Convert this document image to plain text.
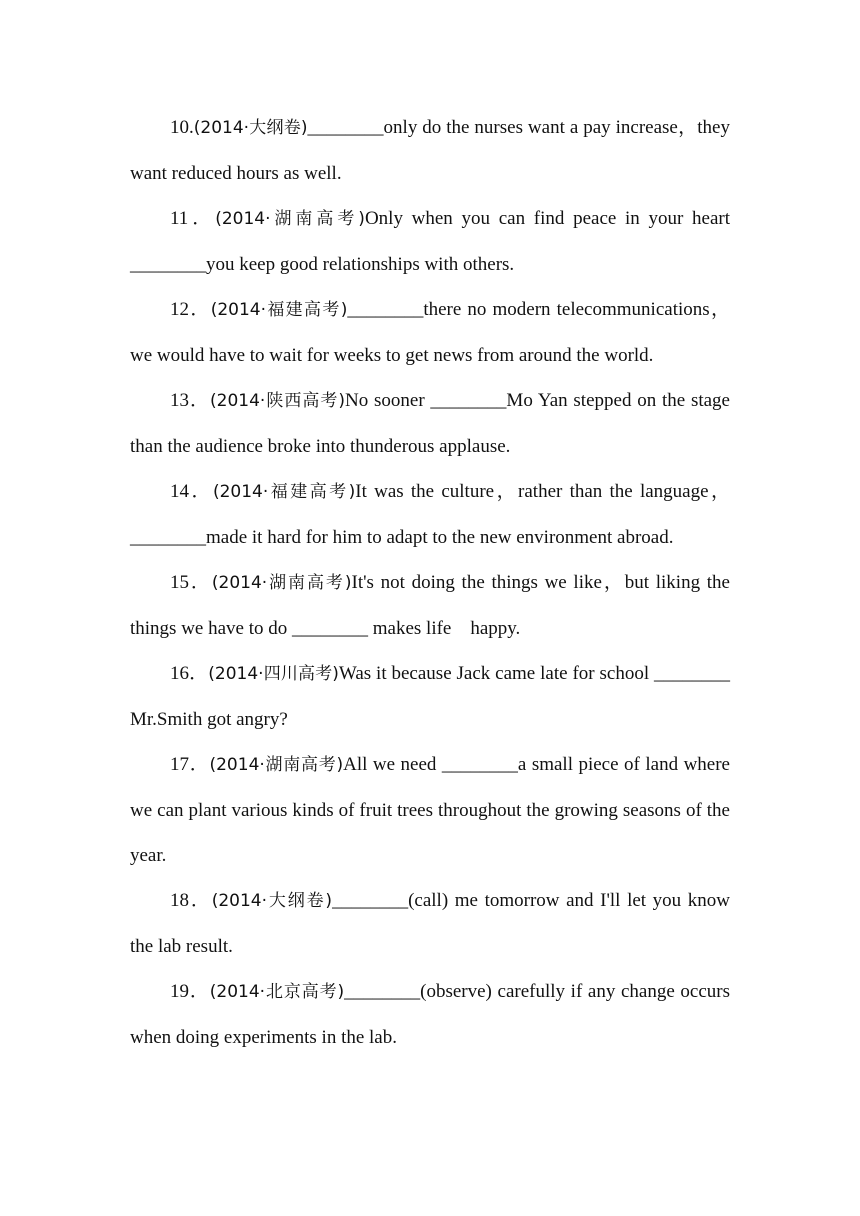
10.(2014·大纲卷)________only do the nurses want a pay increase，they want reduced hours as well.

11．(2014·湖南高考)Only when you can find peace in your heart ________you keep good relationships with others.

12．(2014·福建高考)________there no modern telecommunications，we would have to wait for weeks to get news from around the world.

13．(2014·陕西高考)No sooner ________Mo Yan stepped on the stage than the audience broke into thunderous applause.

14．(2014·福建高考)It was the culture，rather than the language，________made it hard for him to adapt to the new environment abroad.

15．(2014·湖南高考)It's not doing the things we like，but liking the things we have to do ________ makes life　happy.

16．(2014·四川高考)Was it because Jack came late for school ________ Mr.Smith got angry?

17．(2014·湖南高考)All we need ________a small piece of land where we can plant various kinds of fruit trees throughout the growing seasons of the year.

18．(2014·大纲卷)________(call) me tomorrow and I'll let you know the lab result.

19．(2014·北京高考)________(observe) carefully if any change occurs when doing experiments in the lab.
